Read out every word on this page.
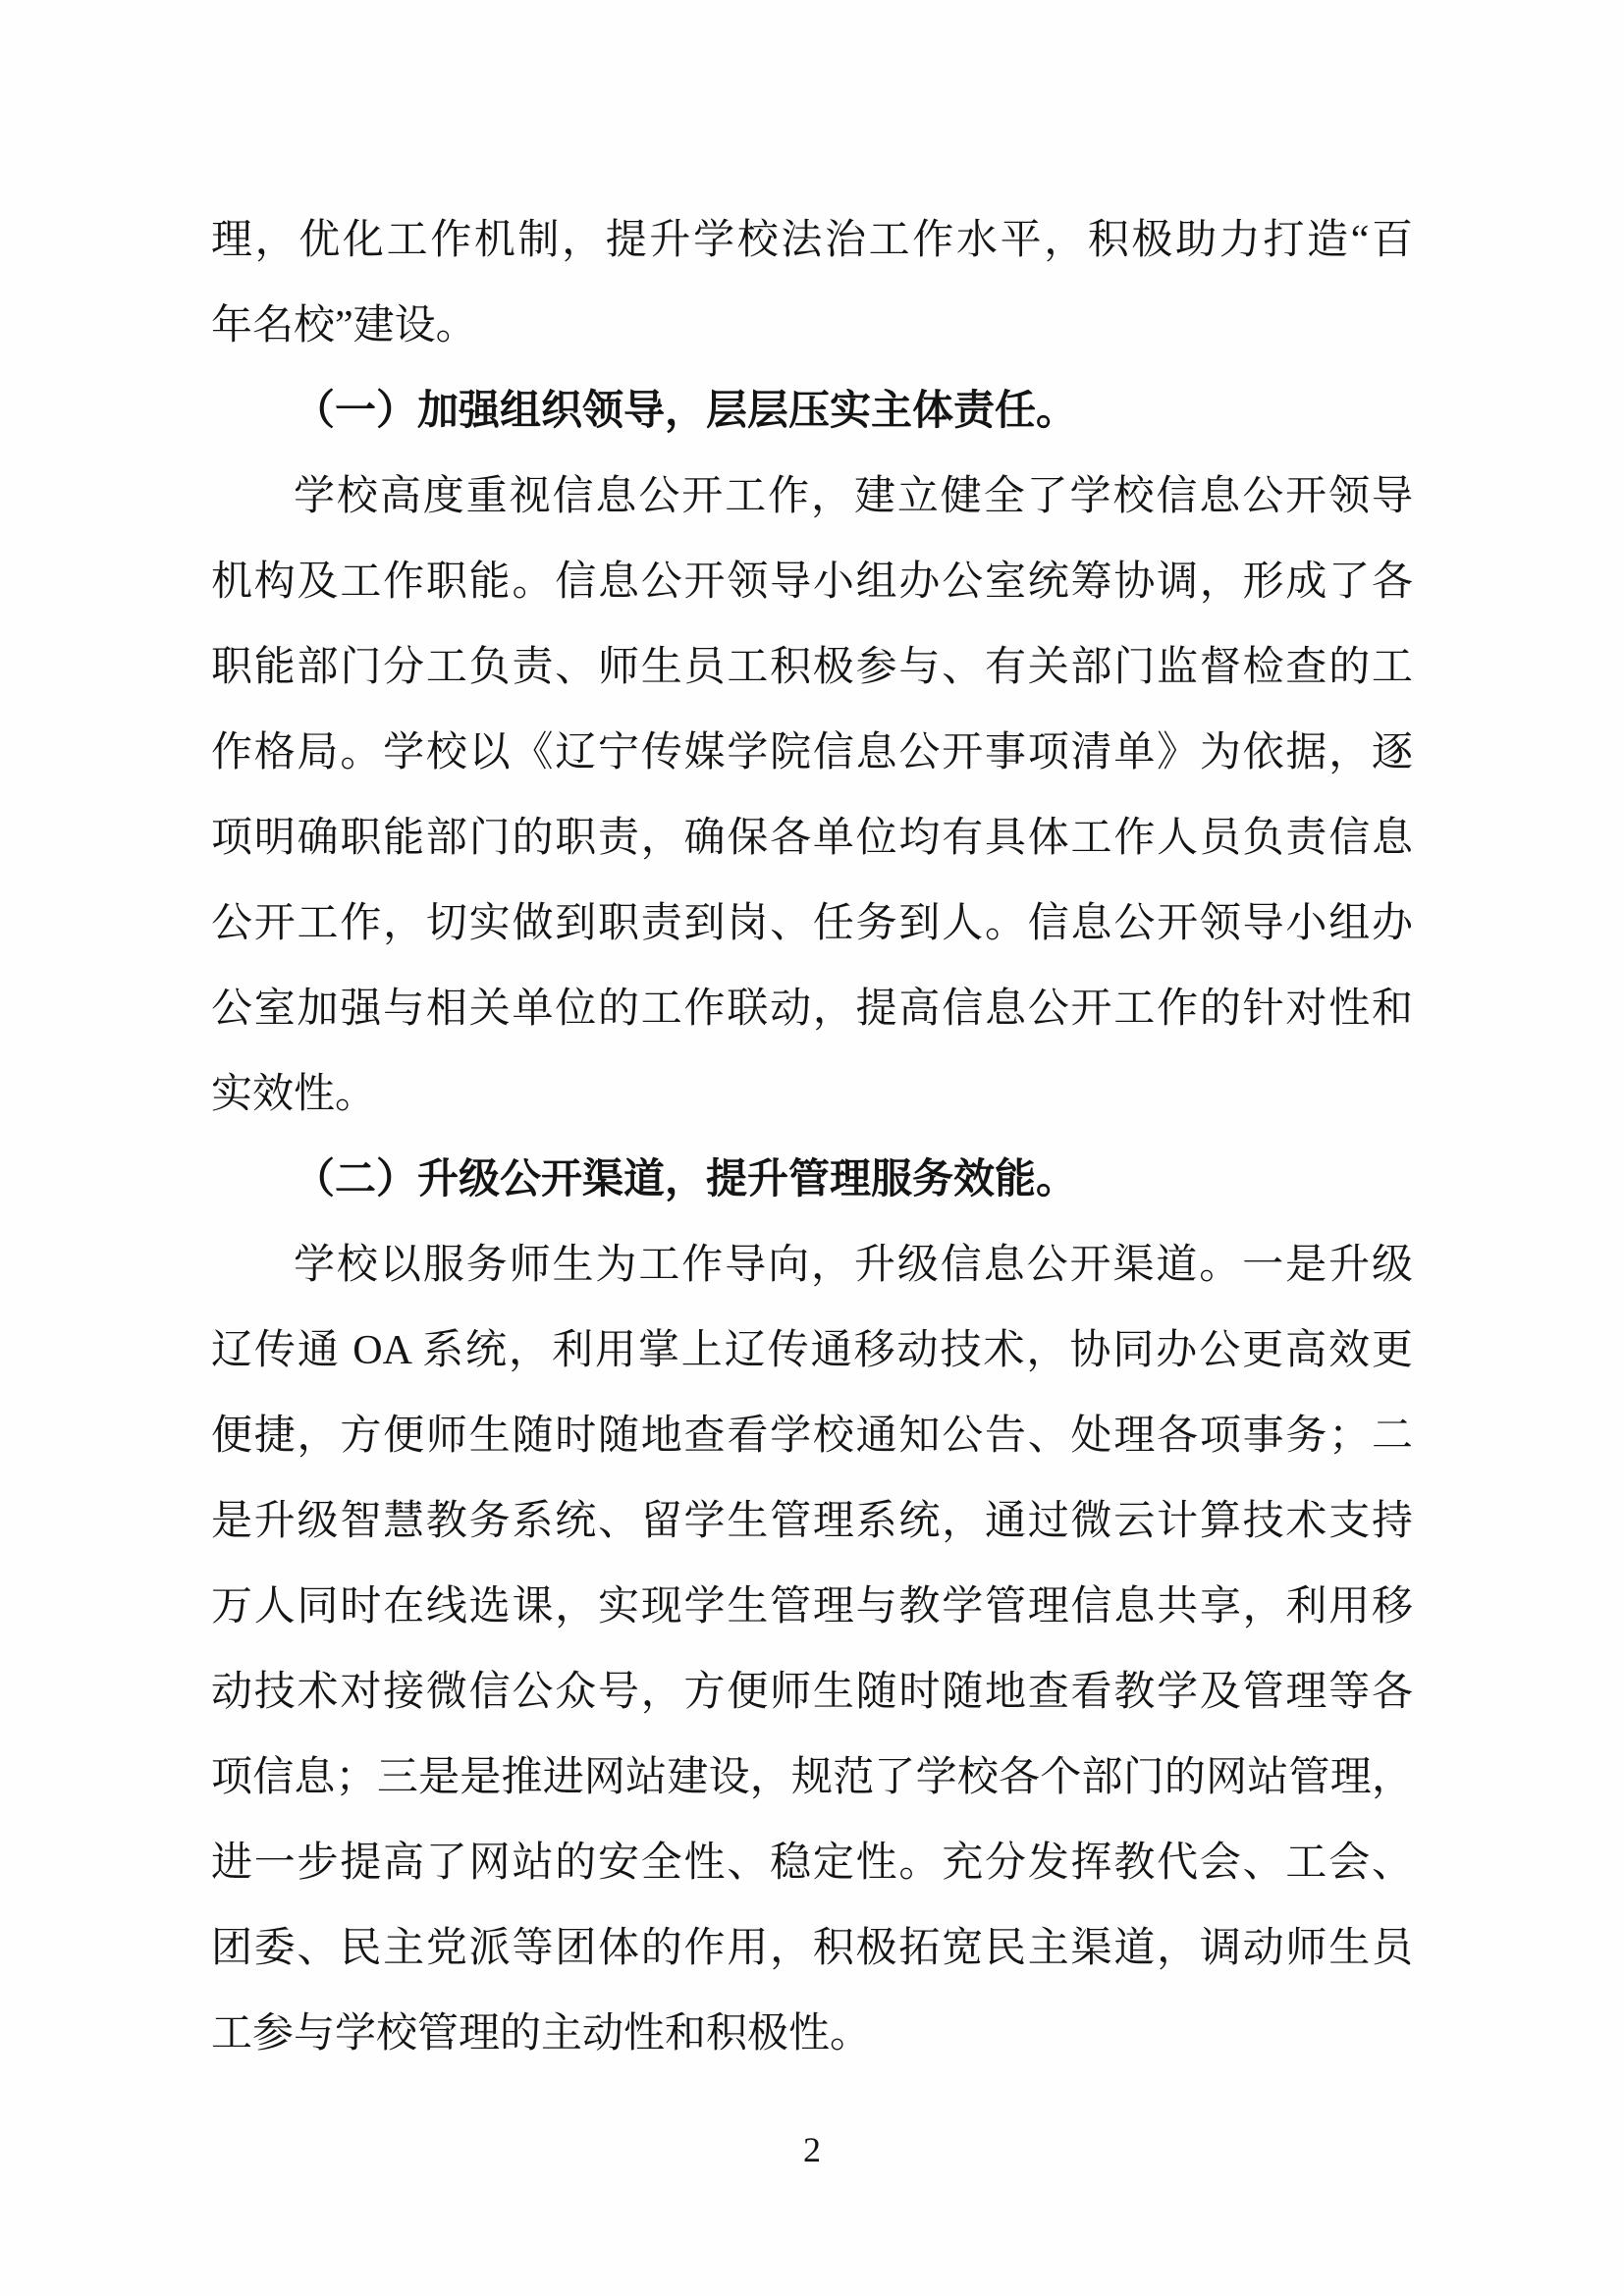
理，优化工作机制，提升学校法治工作水平，积极助力打造“百
年名校”建设。
（一）加强组织领导，层层压实主体责任。
学校高度重视信息公开工作，建立健全了学校信息公开领导
机构及工作职能。信息公开领导小组办公室统筹协调，形成了各
职能部门分工负责、师生员工积极参与、有关部门监督检查的工
作格局。学校以《辽宁传媒学院信息公开事项清单》为依据，逐
项明确职能部门的职责，确保各单位均有具体工作人员负责信息
公开工作，切实做到职责到岗、任务到人。信息公开领导小组办
公室加强与相关单位的工作联动，提高信息公开工作的针对性和
实效性。
（二）升级公开渠道，提升管理服务效能。
学校以服务师生为工作导向，升级信息公开渠道。一是升级
辽传通 OA 系统，利用掌上辽传通移动技术，协同办公更高效更
便捷，方便师生随时随地查看学校通知公告、处理各项事务；二
是升级智慧教务系统、留学生管理系统，通过微云计算技术支持
万人同时在线选课，实现学生管理与教学管理信息共享，利用移
动技术对接微信公众号，方便师生随时随地查看教学及管理等各
项信息；三是是推进网站建设，规范了学校各个部门的网站管理，
进一步提高了网站的安全性、稳定性。充分发挥教代会、工会、
团委、民主党派等团体的作用，积极拓宽民主渠道，调动师生员
工参与学校管理的主动性和积极性。
2
